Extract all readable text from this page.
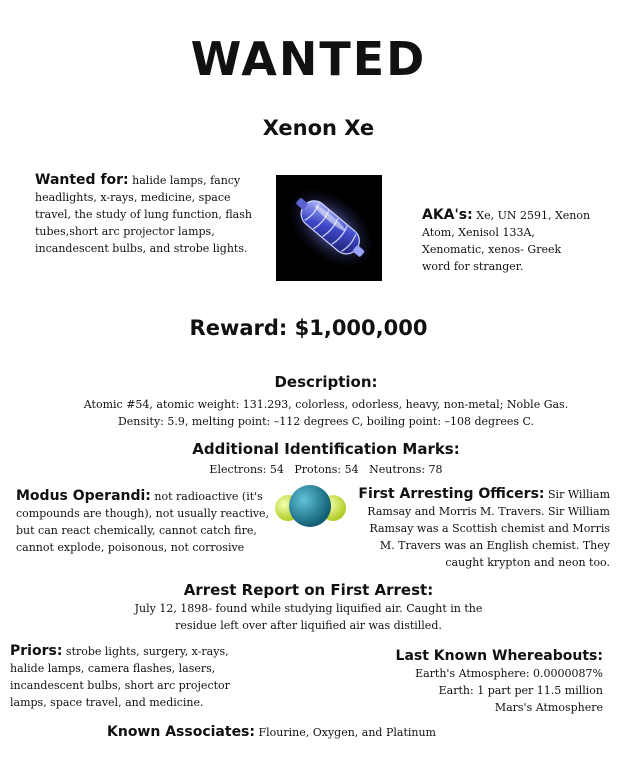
WANTED
Xenon Xe
Wanted for: halide lamps, fancy headlights, x-rays, medicine, space travel, the study of lung function, flash tubes,short arc projector lamps, incandescent bulbs, and strobe lights.
AKA's: Xe, UN 2591, Xenon Atom, Xenisol 133A, Xenomatic, xenos- Greek word for stranger.
Reward: $1,000,000
Description:
Atomic #54, atomic weight: 131.293, colorless, odorless, heavy, non-metal; Noble Gas.
Density: 5.9, melting point: –112 degrees C, boiling point: –108 degrees C.
Additional Identification Marks:
Electrons: 54   Protons: 54   Neutrons: 78
Modus Operandi: not radioactive (it's compounds are though), not usually reactive, but can react chemically, cannot catch fire, cannot explode, poisonous, not corrosive
First Arresting Officers: Sir William Ramsay and Morris M. Travers. Sir William Ramsay was a Scottish chemist and Morris M. Travers was an English chemist. They caught krypton and neon too.
Arrest Report on First Arrest:
July 12, 1898- found while studying liquified air. Caught in the
residue left over after liquified air was distilled.
Priors: strobe lights, surgery, x-rays, halide lamps, camera flashes, lasers, incandescent bulbs, short arc projector lamps, space travel, and medicine.
Last Known Whereabouts:
Earth's Atmosphere: 0.0000087%
Earth: 1 part per 11.5 million
Mars's Atmosphere
Known Associates: Flourine, Oxygen, and Platinum
